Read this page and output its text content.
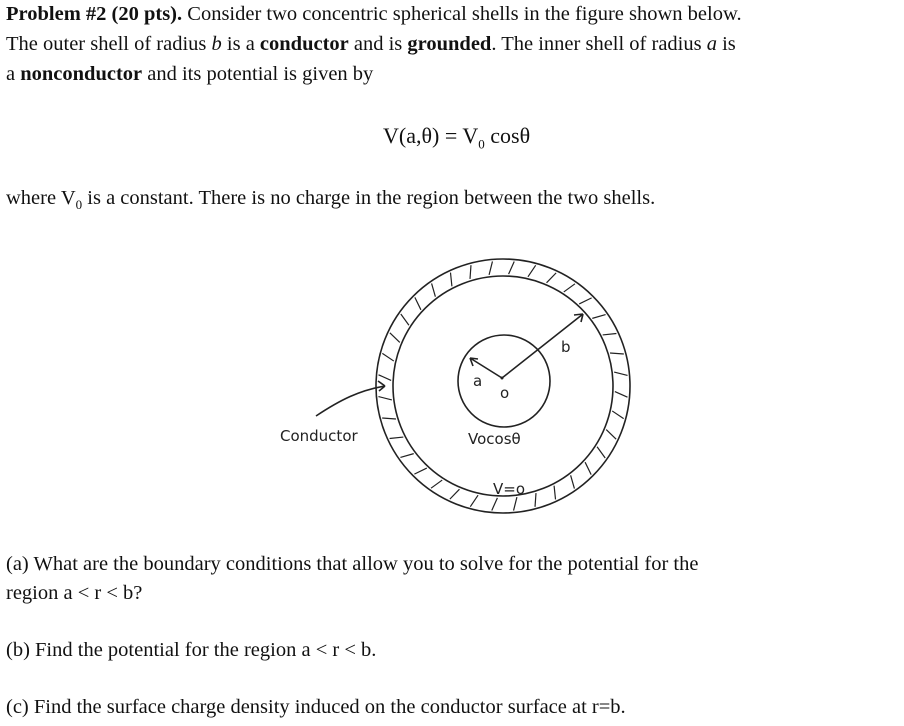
Problem #2 (20 pts). Consider two concentric spherical shells in the figure shown below.
The outer shell of radius b is a conductor and is grounded. The inner shell of radius a is
a nonconductor and its potential is given by
$V(a,\theta) = V_0$ cosθ
where $V_0$ is a constant. There is no charge in the region between the two shells.
Conductor
a
b
o
Vocosθ
V=o
(a) What are the boundary conditions that allow you to solve for the potential for the
region a < r < b?
(b) Find the potential for the region a < r < b.
(c) Find the surface charge density induced on the conductor surface at r=b.
